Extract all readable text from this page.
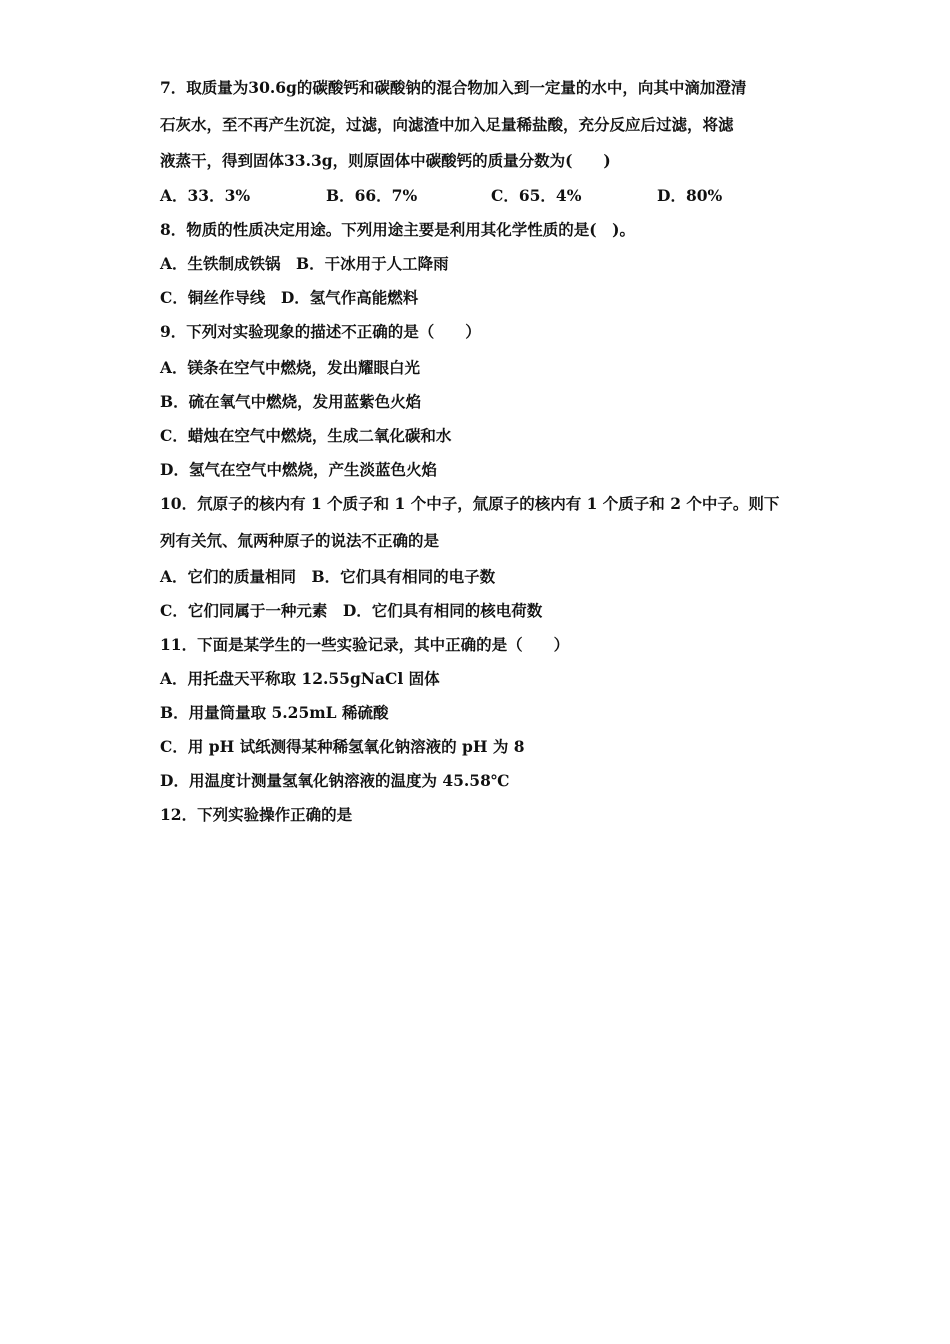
7．取质量为30.6g的碳酸钙和碳酸钠的混合物加入到一定量的水中，向其中滴加澄清
石灰水，至不再产生沉淀，过滤，向滤渣中加入足量稀盐酸，充分反应后过滤，将滤
液蒸干，得到固体33.3g，则原固体中碳酸钙的质量分数为(　　)
A．33．3%	B．66．7%	C．65．4%	D．80%
8．物质的性质决定用途。下列用途主要是利用其化学性质的是(　)。
A．生铁制成铁锅　B．干冰用于人工降雨
C．铜丝作导线　D．氢气作高能燃料
9．下列对实验现象的描述不正确的是（　　）
A．镁条在空气中燃烧，发出耀眼白光
B．硫在氧气中燃烧，发用蓝紫色火焰
C．蜡烛在空气中燃烧，生成二氧化碳和水
D．氢气在空气中燃烧，产生淡蓝色火焰
10．氘原子的核内有 1 个质子和 1 个中子，氚原子的核内有 1 个质子和 2 个中子。则下
列有关氘、氚两种原子的说法不正确的是
A．它们的质量相同　B．它们具有相同的电子数
C．它们同属于一种元素　D．它们具有相同的核电荷数
11．下面是某学生的一些实验记录，其中正确的是（　　）
A．用托盘天平称取 12.55gNaCl 固体
B．用量筒量取 5.25mL 稀硫酸
C．用 pH 试纸测得某种稀氢氧化钠溶液的 pH 为 8
D．用温度计测量氢氧化钠溶液的温度为 45.58℃
12．下列实验操作正确的是
